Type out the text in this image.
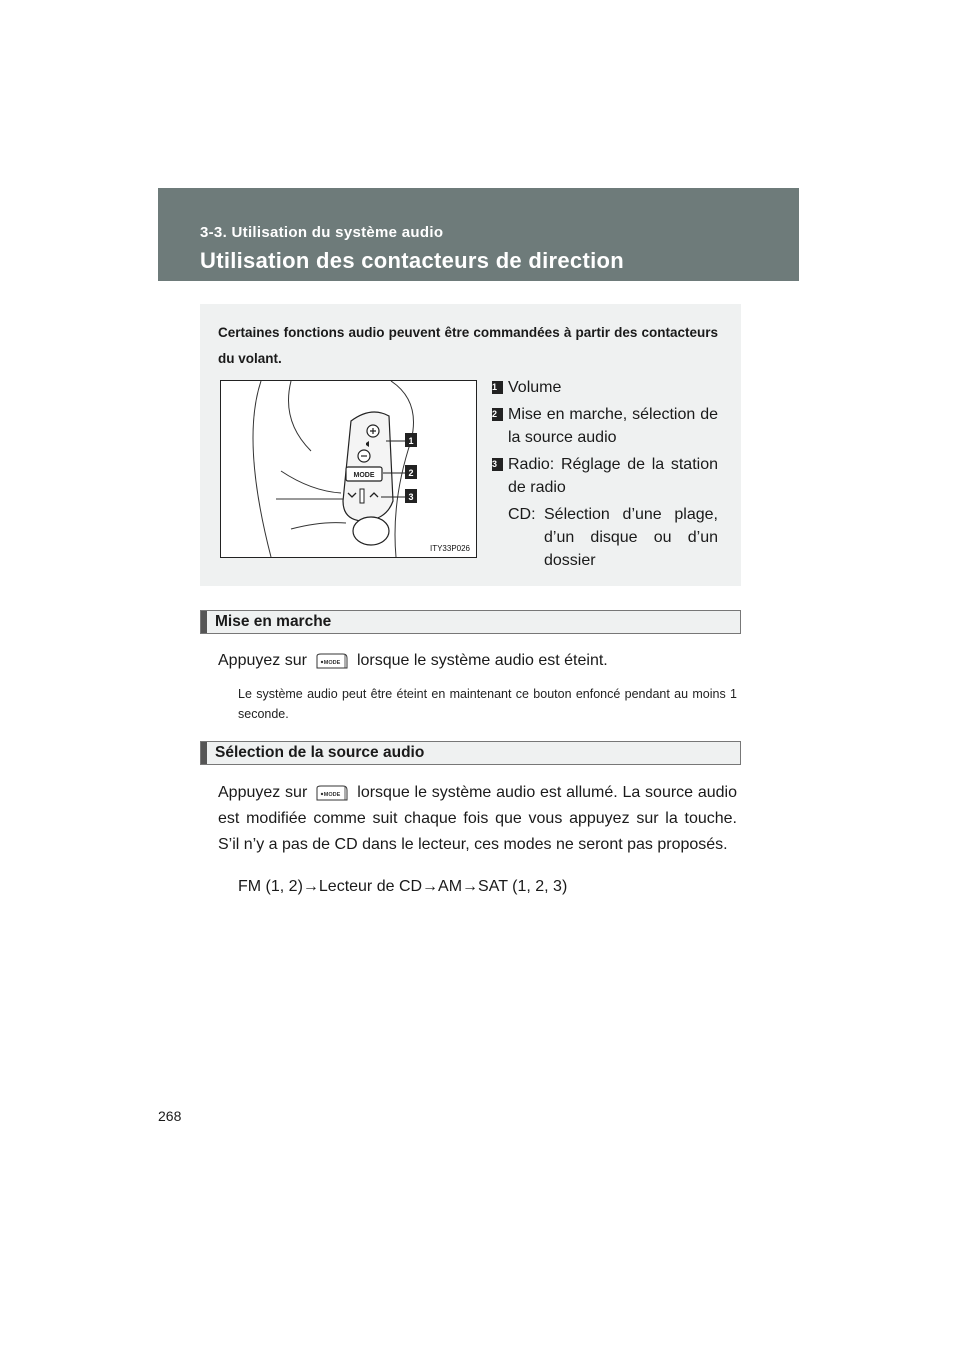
3-3. Utilisation du système audio
Utilisation des contacteurs de direction
Certaines fonctions audio peuvent être commandées à partir des contacteurs du volant.
MODE
1
2
3
ITY33P026
1 Volume
2 Mise en marche, sélection de la source audio
3 Radio: Réglage de la station de radio
CD: Sélection d’une plage, d’un disque ou d’un dossier
Mise en marche
Appuyez sur	MODE lorsque le système audio est éteint.
Le système audio peut être éteint en maintenant ce bouton enfoncé pendant au moins 1 seconde.
Sélection de la source audio
Appuyez sur	MODE lorsque le système audio est allumé. La source audio est modifiée comme suit chaque fois que vous appuyez sur la touche. S’il n’y a pas de CD dans le lecteur, ces modes ne seront pas proposés.
FM (1, 2)→Lecteur de CD→AM→SAT (1, 2, 3)
268
